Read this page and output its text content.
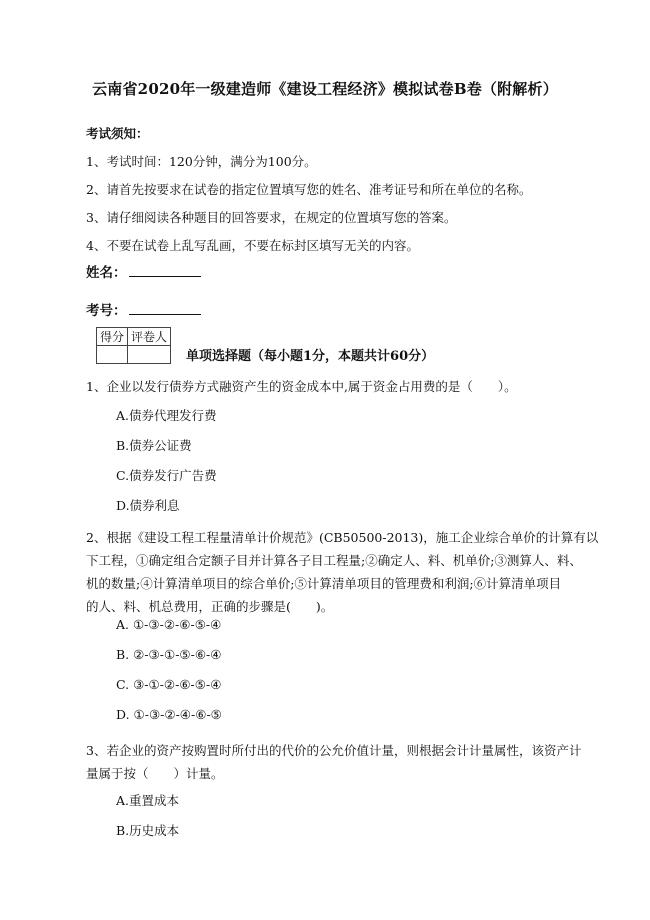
云南省2020年一级建造师《建设工程经济》模拟试卷B卷（附解析）
考试须知：
1、考试时间：120分钟，满分为100分。
2、请首先按要求在试卷的指定位置填写您的姓名、准考证号和所在单位的名称。
3、请仔细阅读各种题目的回答要求，在规定的位置填写您的答案。
4、不要在试卷上乱写乱画，不要在标封区填写无关的内容。
姓名：
考号：
得分	评卷人

单项选择题（每小题1分，本题共计60分）
1、企业以发行债券方式融资产生的资金成本中,属于资金占用费的是（　　）。
A.债券代理发行费
B.债券公证费
C.债券发行广告费
D.债券利息
2、根据《建设工程工程量清单计价规范》(CB50500-2013)，施工企业综合单价的计算有以
下工程，①确定组合定额子目并计算各子目工程量;②确定人、料、机单价;③测算人、料、
机的数量;④计算清单项目的综合单价;⑤计算清单项目的管理费和利润;⑥计算清单项目
的人、料、机总费用，正确的步骤是(　　)。
A. ①-③-②-⑥-⑤-④
B. ②-③-①-⑤-⑥-④
C. ③-①-②-⑥-⑤-④
D. ①-③-②-④-⑥-⑤
3、若企业的资产按购置时所付出的代价的公允价值计量，则根据会计计量属性，该资产计
量属于按（　　）计量。
A.重置成本
B.历史成本
